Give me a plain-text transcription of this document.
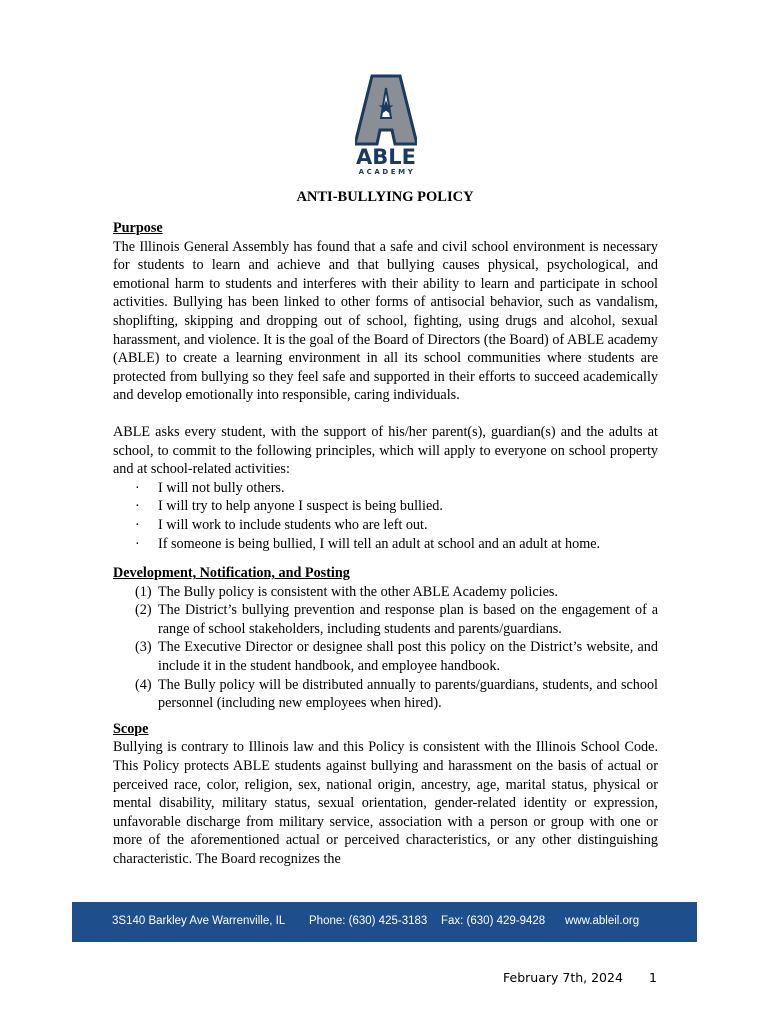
ABLE
ACADEMY
ANTI-BULLYING POLICY
Purpose

The Illinois General Assembly has found that a safe and civil school environment is necessary for students to learn and achieve and that bullying causes physical, psychological, and emotional harm to students and interferes with their ability to learn and participate in school activities. Bullying has been linked to other forms of antisocial behavior, such as vandalism, shoplifting, skipping and dropping out of school, fighting, using drugs and alcohol, sexual harassment, and violence. It is the goal of the Board of Directors (the Board) of ABLE academy (ABLE) to create a learning environment in all its school communities where students are protected from bullying so they feel safe and supported in their efforts to succeed academically and develop emotionally into responsible, caring individuals.

ABLE asks every student, with the support of his/her parent(s), guardian(s) and the adults at school, to commit to the following principles, which will apply to everyone on school property and at school-related activities:

· I will not bully others.
· I will try to help anyone I suspect is being bullied.
· I will work to include students who are left out.
· If someone is being bullied, I will tell an adult at school and an adult at home.
Development, Notification, and Posting
(1) The Bully policy is consistent with the other ABLE Academy policies.
(2) The District’s bullying prevention and response plan is based on the engagement of a range of school stakeholders, including students and parents/guardians.
(3) The Executive Director or designee shall post this policy on the District’s website, and include it in the student handbook, and employee handbook.
(4) The Bully policy will be distributed annually to parents/guardians, students, and school personnel (including new employees when hired).
Scope

Bullying is contrary to Illinois law and this Policy is consistent with the Illinois School Code. This Policy protects ABLE students against bullying and harassment on the basis of actual or perceived race, color, religion, sex, national origin, ancestry, age, marital status, physical or mental disability, military status, sexual orientation, gender-related identity or expression, unfavorable discharge from military service, association with a person or group with one or more of the aforementioned actual or perceived characteristics, or any other distinguishing characteristic. The Board recognizes the

3S140 Barkley Ave Warrenville, IL Phone: (630) 425-3183 Fax: (630) 429-9428 www.ableil.org
February 7th, 2024 1
